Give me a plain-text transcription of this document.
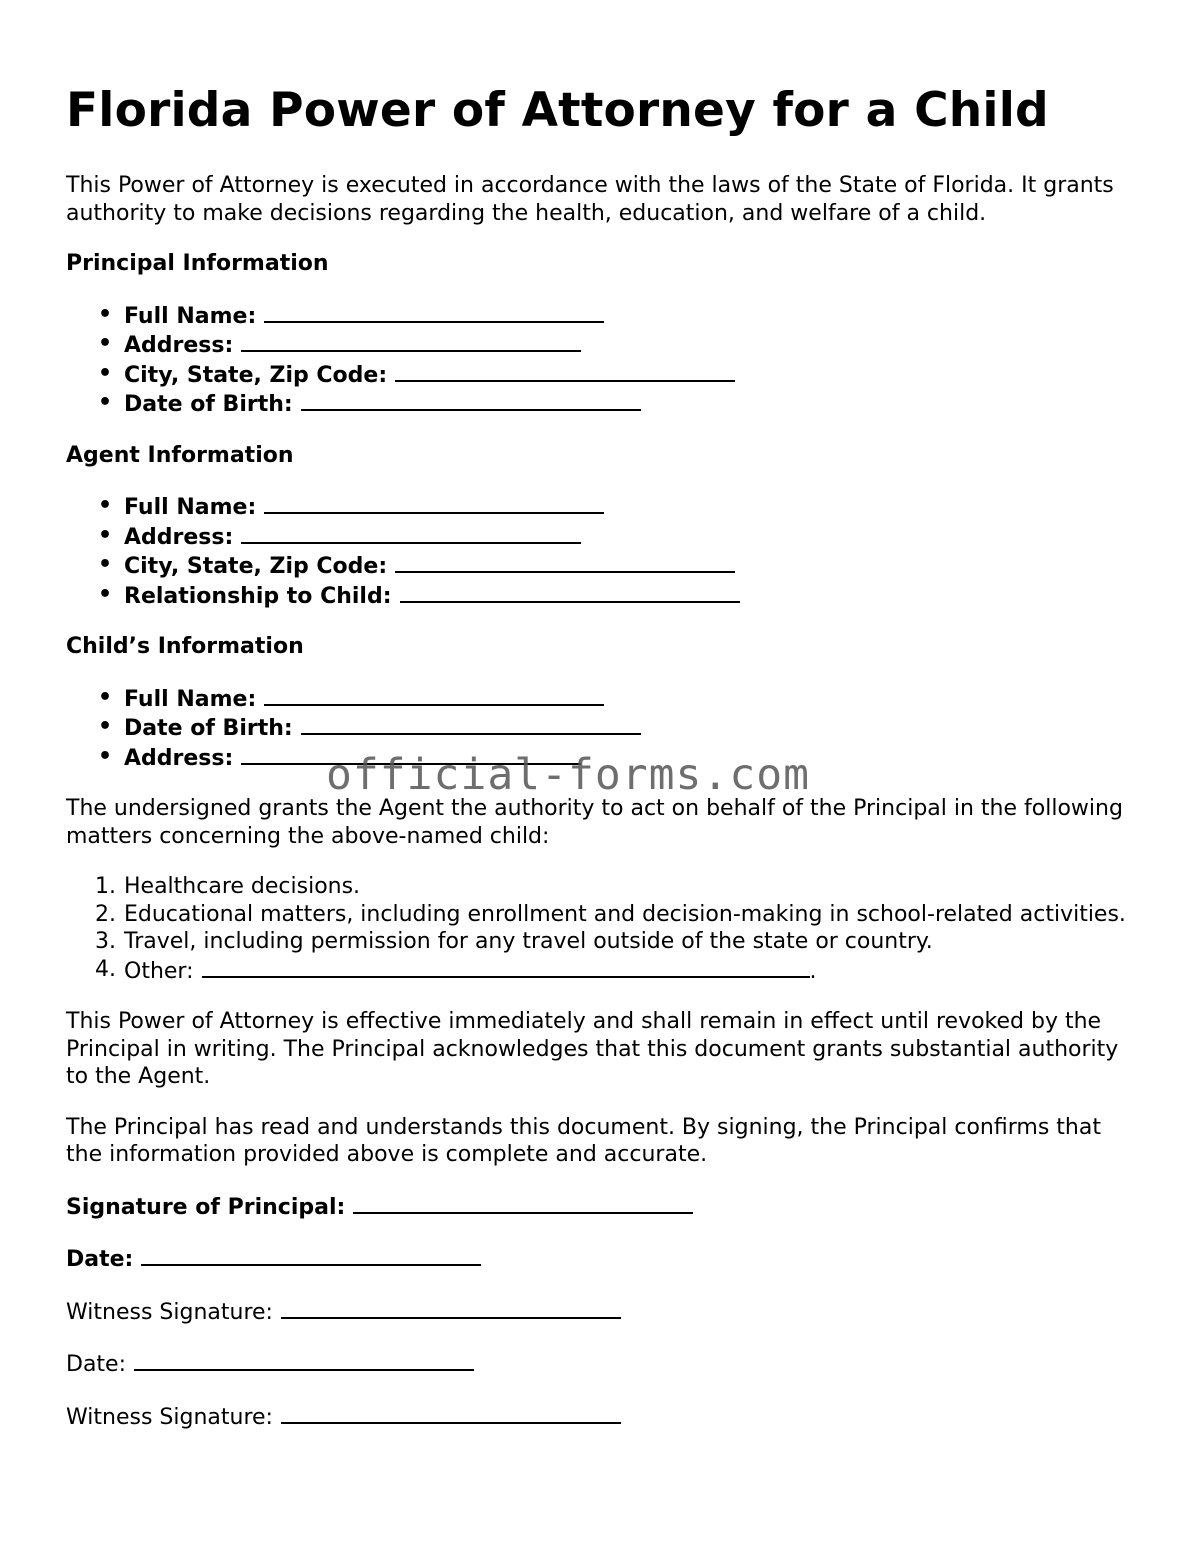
Florida Power of Attorney for a Child

This Power of Attorney is executed in accordance with the laws of the State of Florida. It grants authority to make decisions regarding the health, education, and welfare of a child.

Principal Information

• Full Name:
• Address:
• City, State, Zip Code:
• Date of Birth:

Agent Information

• Full Name:
• Address:
• City, State, Zip Code:
• Relationship to Child:

Child’s Information

• Full Name:
• Date of Birth:
• Address:

The undersigned grants the Agent the authority to act on behalf of the Principal in the following matters concerning the above-named child:

1. Healthcare decisions.
2. Educational matters, including enrollment and decision-making in school-related activities.
3. Travel, including permission for any travel outside of the state or country.
4. Other:	.

This Power of Attorney is effective immediately and shall remain in effect until revoked by the Principal in writing. The Principal acknowledges that this document grants substantial authority to the Agent.

The Principal has read and understands this document. By signing, the Principal confirms that the information provided above is complete and accurate.

Signature of Principal:

Date:

Witness Signature:

Date:

Witness Signature:

official-forms.com
